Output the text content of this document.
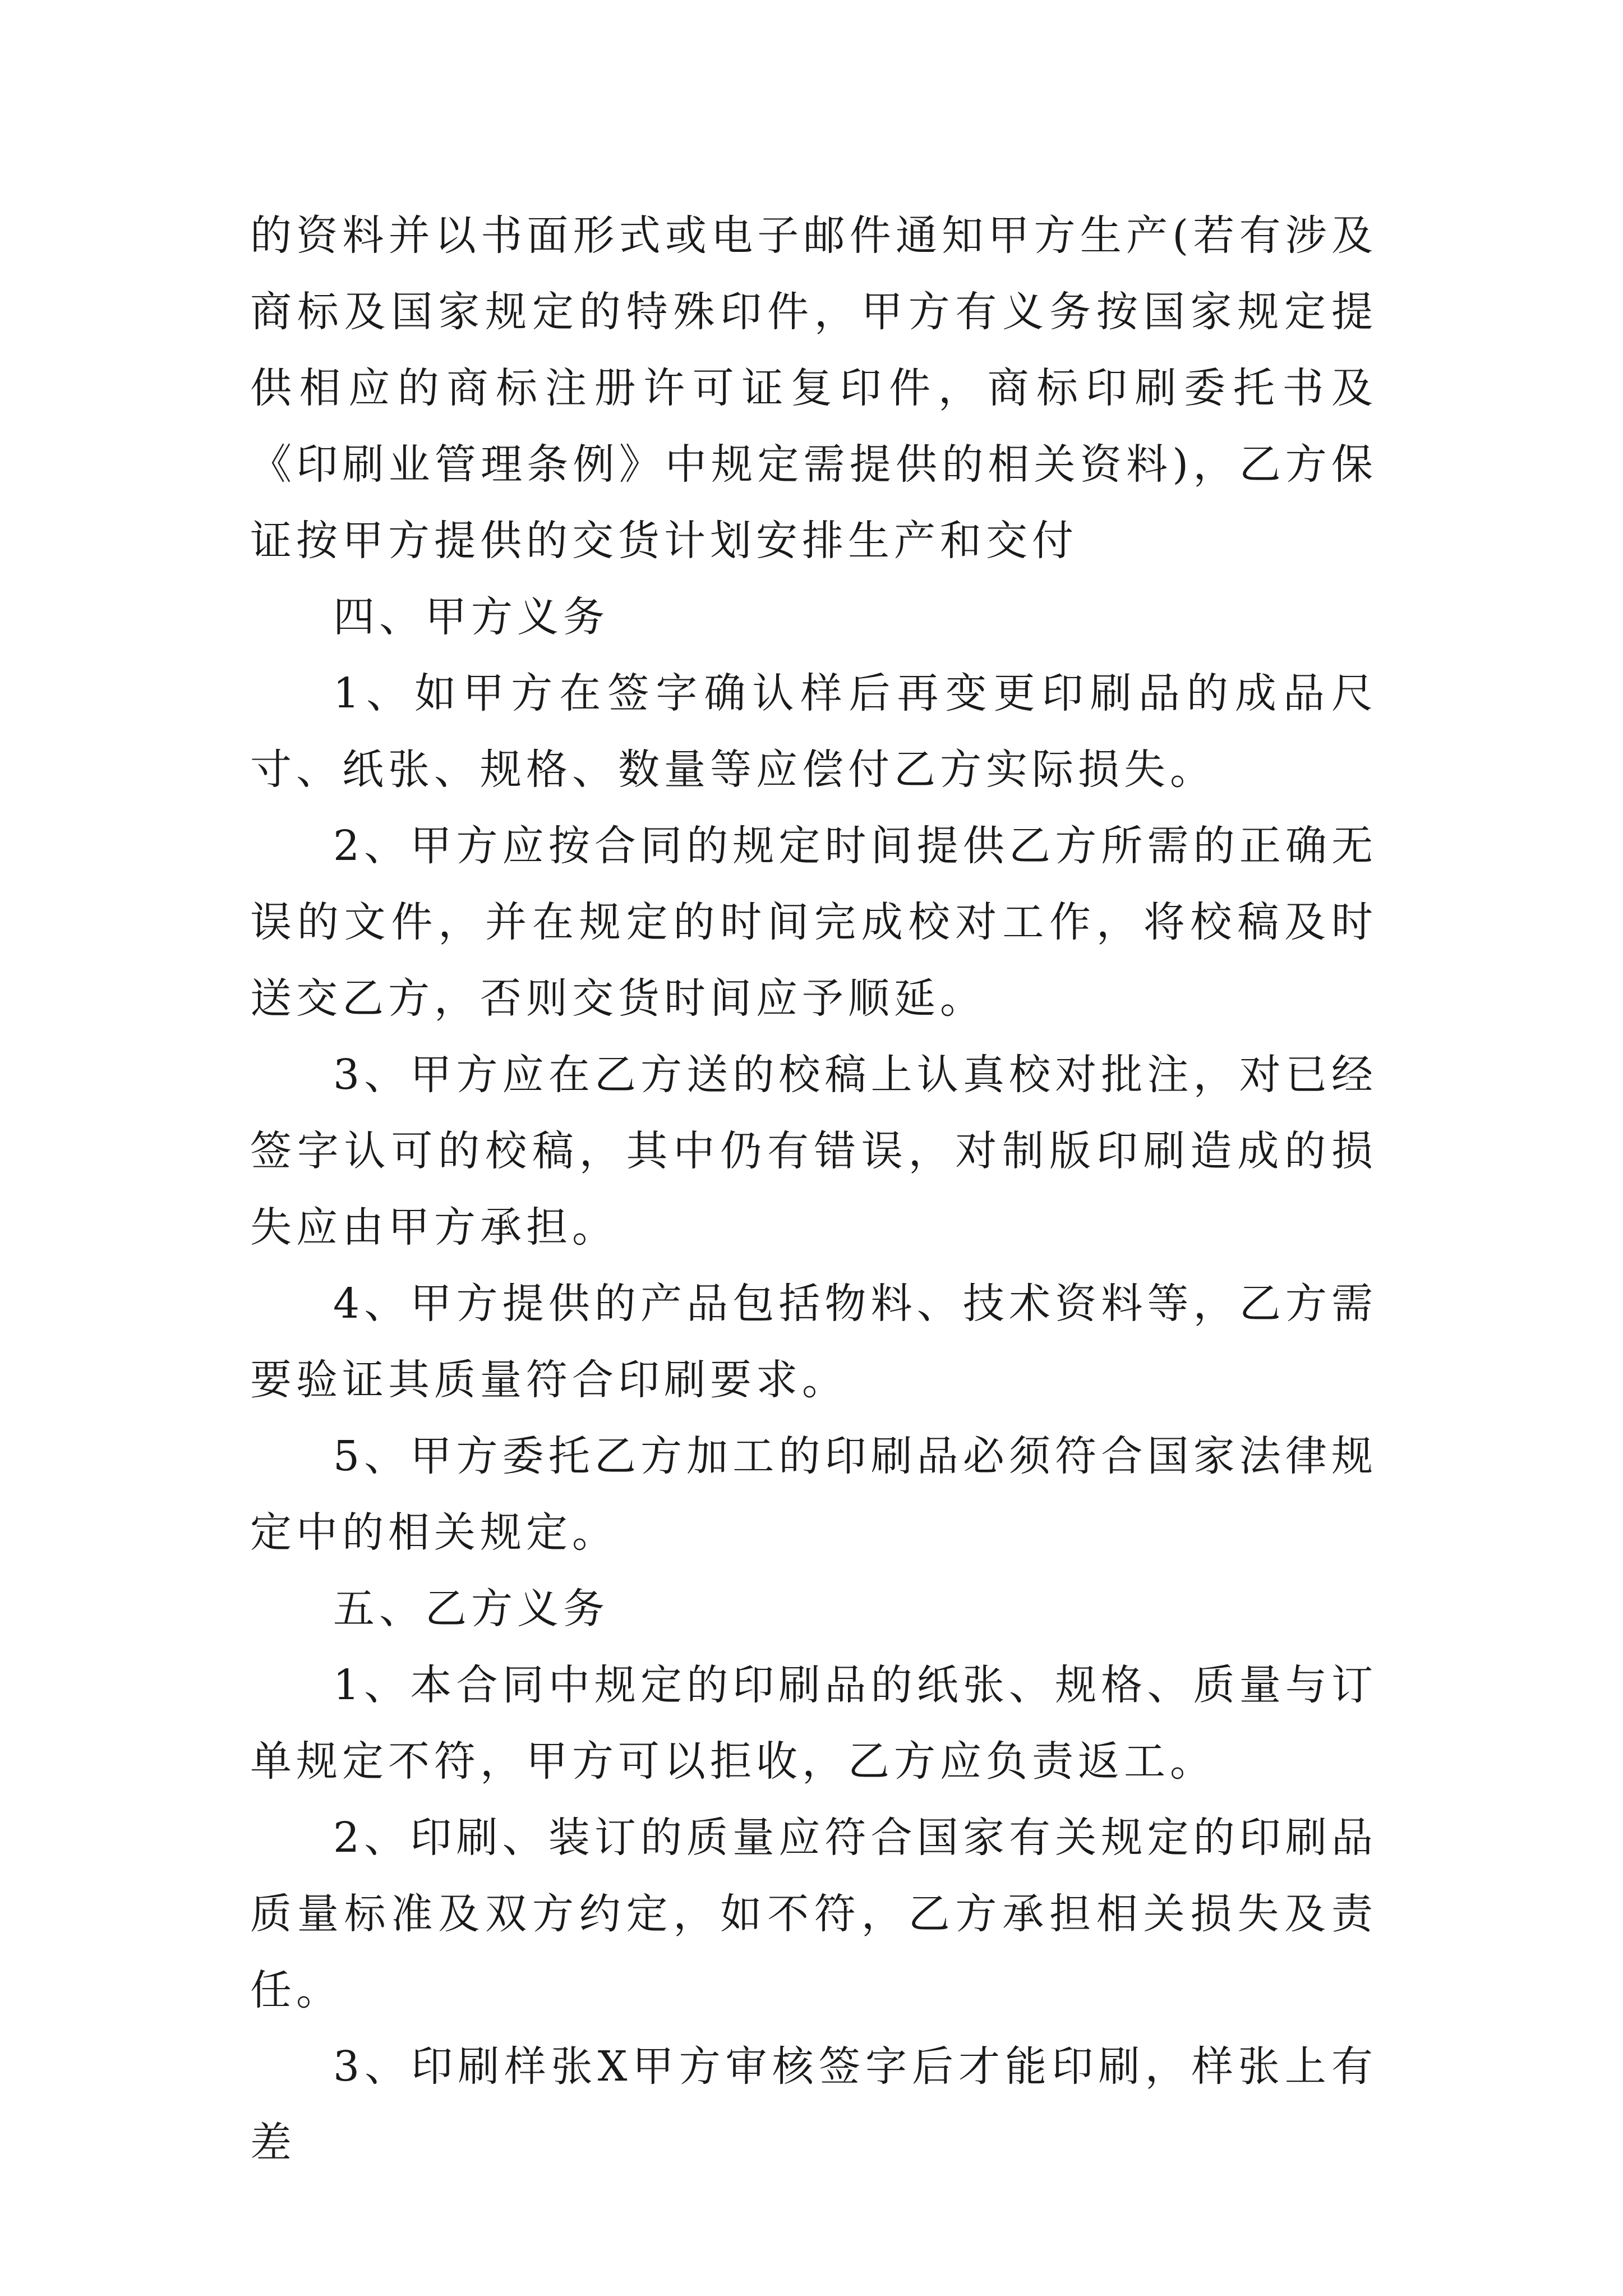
的资料并以书面形式或电子邮件通知甲方生产(若有涉及商标及国家规定的特殊印件，甲方有义务按国家规定提供相应的商标注册许可证复印件，商标印刷委托书及《印刷业管理条例》中规定需提供的相关资料)，乙方保证按甲方提供的交货计划安排生产和交付

四、甲方义务

1、如甲方在签字确认样后再变更印刷品的成品尺寸、纸张、规格、数量等应偿付乙方实际损失。

2、甲方应按合同的规定时间提供乙方所需的正确无误的文件，并在规定的时间完成校对工作，将校稿及时送交乙方，否则交货时间应予顺延。

3、甲方应在乙方送的校稿上认真校对批注，对已经签字认可的校稿，其中仍有错误，对制版印刷造成的损失应由甲方承担。

4、甲方提供的产品包括物料、技术资料等，乙方需要验证其质量符合印刷要求。

5、甲方委托乙方加工的印刷品必须符合国家法律规定中的相关规定。

五、乙方义务

1、本合同中规定的印刷品的纸张、规格、质量与订单规定不符，甲方可以拒收，乙方应负责返工。

2、印刷、装订的质量应符合国家有关规定的印刷品质量标准及双方约定，如不符，乙方承担相关损失及责任。

3、印刷样张X甲方审核签字后才能印刷，样张上有差
